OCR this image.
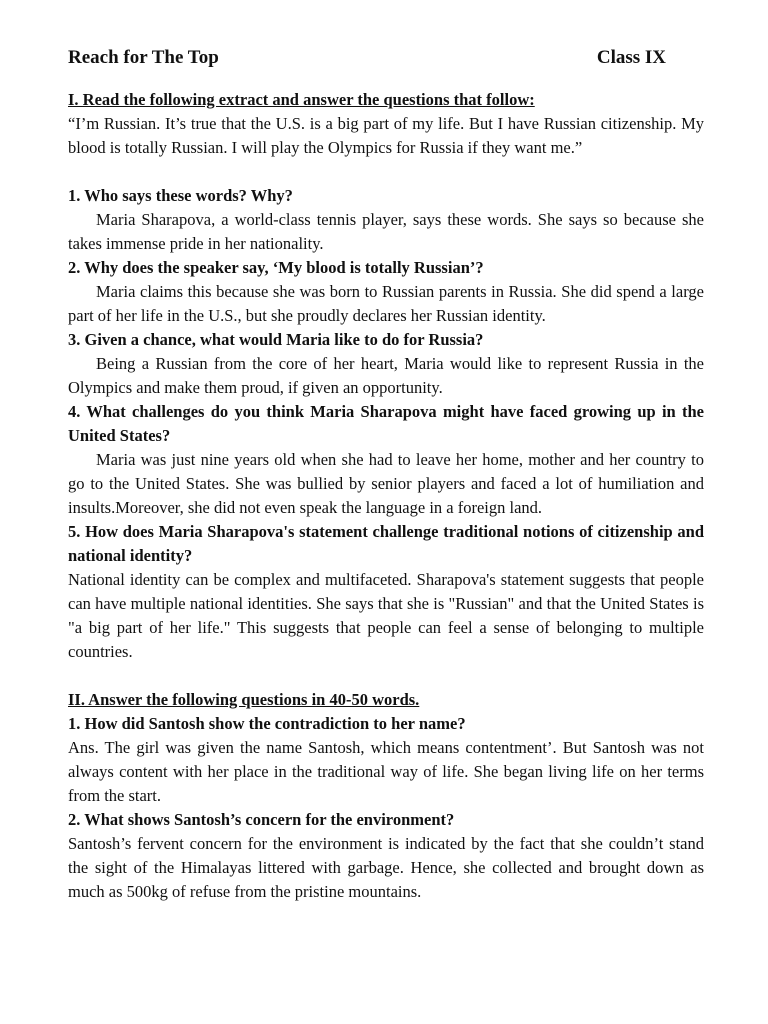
Reach for The Top	Class IX
I. Read the following extract and answer the questions that follow:

“I’m Russian. It’s true that the U.S. is a big part of my life. But I have Russian citizenship. My blood is totally Russian. I will play the Olympics for Russia if they want me.”

1. Who says these words? Why?

Maria Sharapova, a world-class tennis player, says these words. She says so because she takes immense pride in her nationality.

2. Why does the speaker say, ‘My blood is totally Russian’?

Maria claims this because she was born to Russian parents in Russia. She did spend a large part of her life in the U.S., but she proudly declares her Russian identity.

3. Given a chance, what would Maria like to do for Russia?

Being a Russian from the core of her heart, Maria would like to represent Russia in the Olympics and make them proud, if given an opportunity.

4. What challenges do you think Maria Sharapova might have faced growing up in the United States?

Maria was just nine years old when she had to leave her home, mother and her country to go to the United States. She was bullied by senior players and faced a lot of humiliation and insults.Moreover, she did not even speak the language in a foreign land.

5. How does Maria Sharapova's statement challenge traditional notions of citizenship and national identity?

National identity can be complex and multifaceted. Sharapova's statement suggests that people can have multiple national identities. She says that she is "Russian" and that the United States is "a big part of her life." This suggests that people can feel a sense of belonging to multiple countries.

II. Answer the following questions in 40-50 words.
1. How did Santosh show the contradiction to her name?

Ans. The girl was given the name Santosh, which means contentment’. But Santosh was not always content with her place in the traditional way of life. She began living life on her terms from the start.

2. What shows Santosh’s concern for the environment?

Santosh’s fervent concern for the environment is indicated by the fact that she couldn’t stand the sight of the Himalayas littered with garbage. Hence, she collected and brought down as much as 500kg of refuse from the pristine mountains.
